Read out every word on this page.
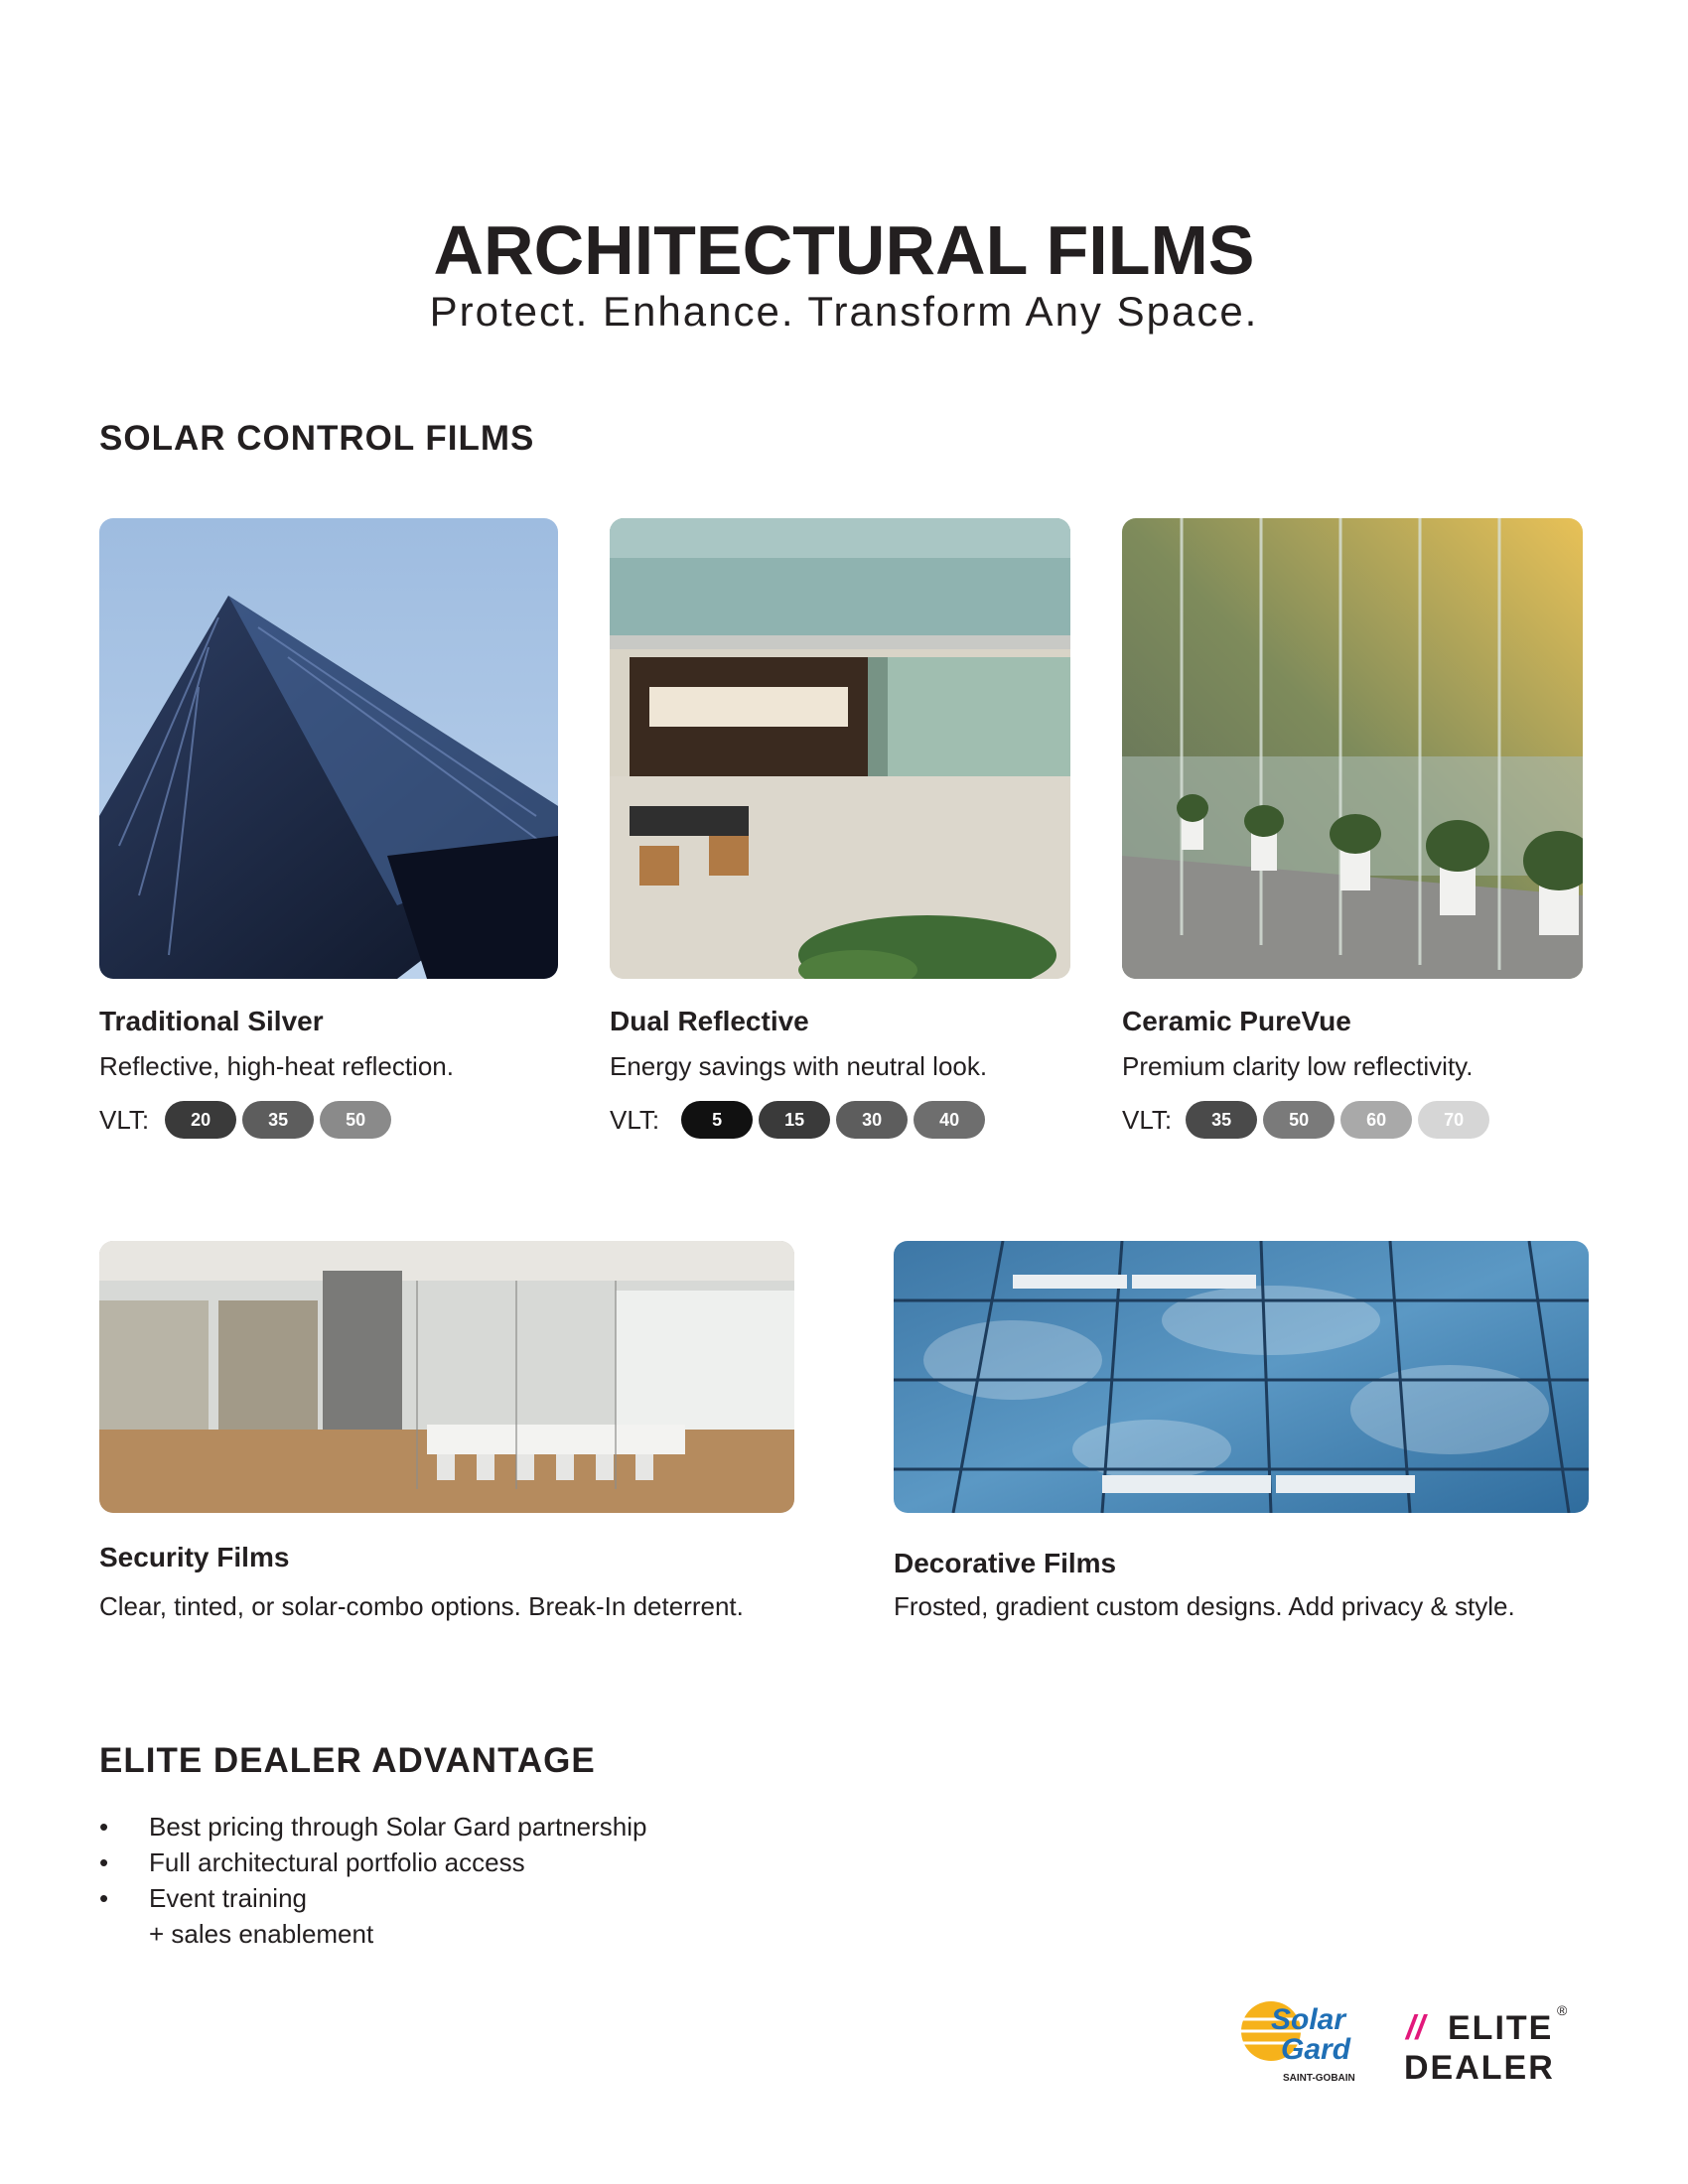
ARCHITECTURAL FILMS
Protect. Enhance. Transform Any Space.
SOLAR CONTROL FILMS
Traditional Silver
Reflective, high-heat reflection.
VLT:	20	35	50
Dual Reflective
Energy savings with neutral look.
VLT:	5	15	30	40
Ceramic PureVue
Premium clarity low reflectivity.
VLT:	35	50	60	70
Security Films
Clear, tinted, or solar-combo options. Break-In deterrent.
Decorative Films
Frosted, gradient custom designs. Add privacy & style.
ELITE DEALER ADVANTAGE
• Best pricing through Solar Gard partnership
• Full architectural portfolio access
• Event training
+ sales enablement
Solar
Gard
SAINT-GOBAIN
// ELITE
DEALER
®
